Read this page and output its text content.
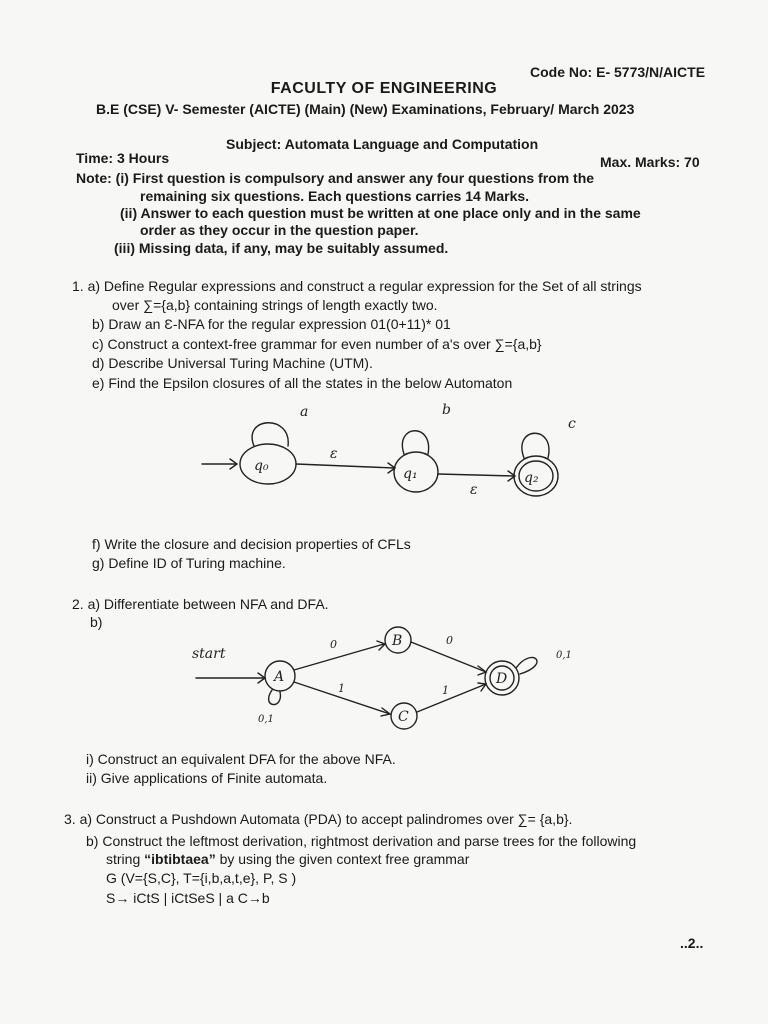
Code No: E- 5773/N/AICTE
FACULTY OF ENGINEERING
B.E (CSE) V- Semester (AICTE) (Main) (New) Examinations, February/ March 2023
Subject: Automata Language and Computation
Time: 3 Hours	Max. Marks: 70
Note: (i) First question is compulsory and answer any four questions from the
remaining six questions. Each questions carries 14 Marks.
(ii) Answer to each question must be written at one place only and in the same
order as they occur in the question paper.
(iii) Missing data, if any, may be suitably assumed.
1. a) Define Regular expressions and construct a regular expression for the Set of all strings
over ∑={a,b} containing strings of length exactly two.
b) Draw an Ɛ-NFA for the regular expression 01(0+11)* 01
c) Construct a context-free grammar for even number of a's over ∑={a,b}
d) Describe Universal Turing Machine (UTM).
e) Find the Epsilon closures of all the states in the below Automaton
q₀
a
ε
q₁
b
ε
q₂
c
f) Write the closure and decision properties of CFLs
g) Define ID of Turing machine.
2. a) Differentiate between NFA and DFA.
b)
start
A
0,1
B
C
D
0,1
0	0
1	1
i) Construct an equivalent DFA for the above NFA.
ii) Give applications of Finite automata.
3. a) Construct a Pushdown Automata (PDA) to accept palindromes over ∑= {a,b}.
b) Construct the leftmost derivation, rightmost derivation and parse trees for the following
string “ibtibtaea” by using the given context free grammar
G (V={S,C}, T={i,b,a,t,e}, P, S )
S→ iCtS | iCtSeS | a C→b
..2..
